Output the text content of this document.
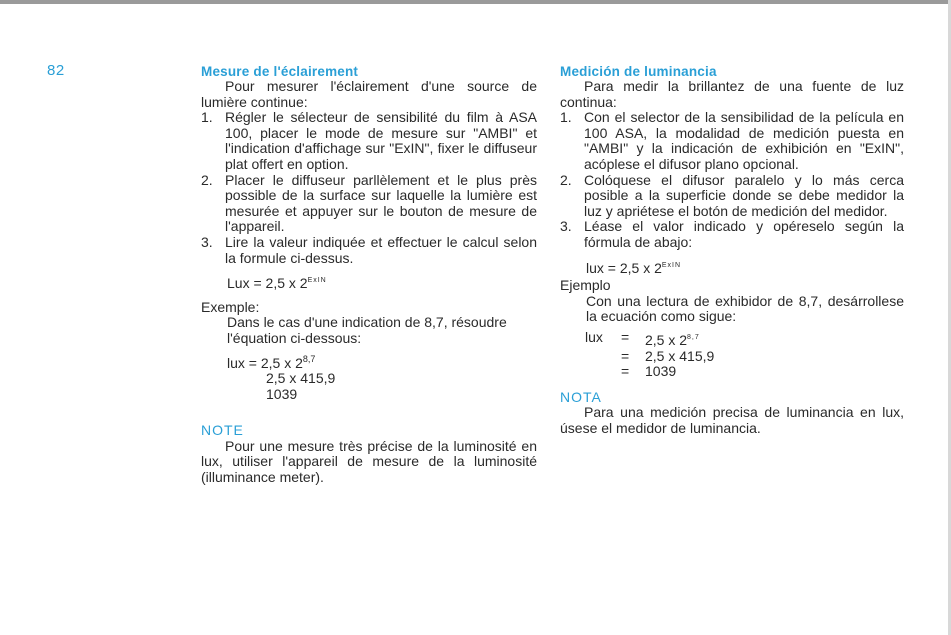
82	Mesure de l'éclairement

Pour mesurer l'éclairement d'une source de lumière continue:

1. Régler le sélecteur de sensibilité du film à ASA 100, placer le mode de mesure sur "AMBI" et l'indication d'affichage sur "ExIN", fixer le diffuseur plat offert en option.
2. Placer le diffuseur parllèlement et le plus près possible de la surface sur laquelle la lumière est mesurée et appuyer sur le bouton de mesure de l'appareil.
3. Lire la valeur indiquée et effectuer le calcul selon la formule ci-dessus.
Lux = 2,5 x $2^{ExIN}$

Exemple:

Dans le cas d'une indication de 8,7, résoudre l'équation ci-dessous:

lux = 2,5 x 2$^{8,7}$
2,5 x 415,9
1039
NOTE

Pour une mesure très précise de la luminosité en lux, utiliser l'appareil de mesure de la luminosité (illuminance meter).

Medición de luminancia

Para medir la brillantez de una fuente de luz continua:

1. Con el selector de la sensibilidad de la película en 100 ASA, la modalidad de medición puesta en "AMBI" y la indicación de exhibición en "ExIN", acóplese el difusor plano opcional.
2. Colóquese el difusor paralelo y lo más cerca posible a la superficie donde se debe medidor la luz y apriétese el botón de medición del medidor.
3. Léase el valor indicado y opéreselo según la fórmula de abajo:
lux = 2,5 x $2^{ExIN}$

Ejemplo

Con una lectura de exhibidor de 8,7, desárrollese la ecuación como sigue:

lux	=	2,5 x 2$^{8,7}$
	=	2,5 x 415,9
	=	1039
NOTA

Para una medición precisa de luminancia en lux, úsese el medidor de luminancia.
